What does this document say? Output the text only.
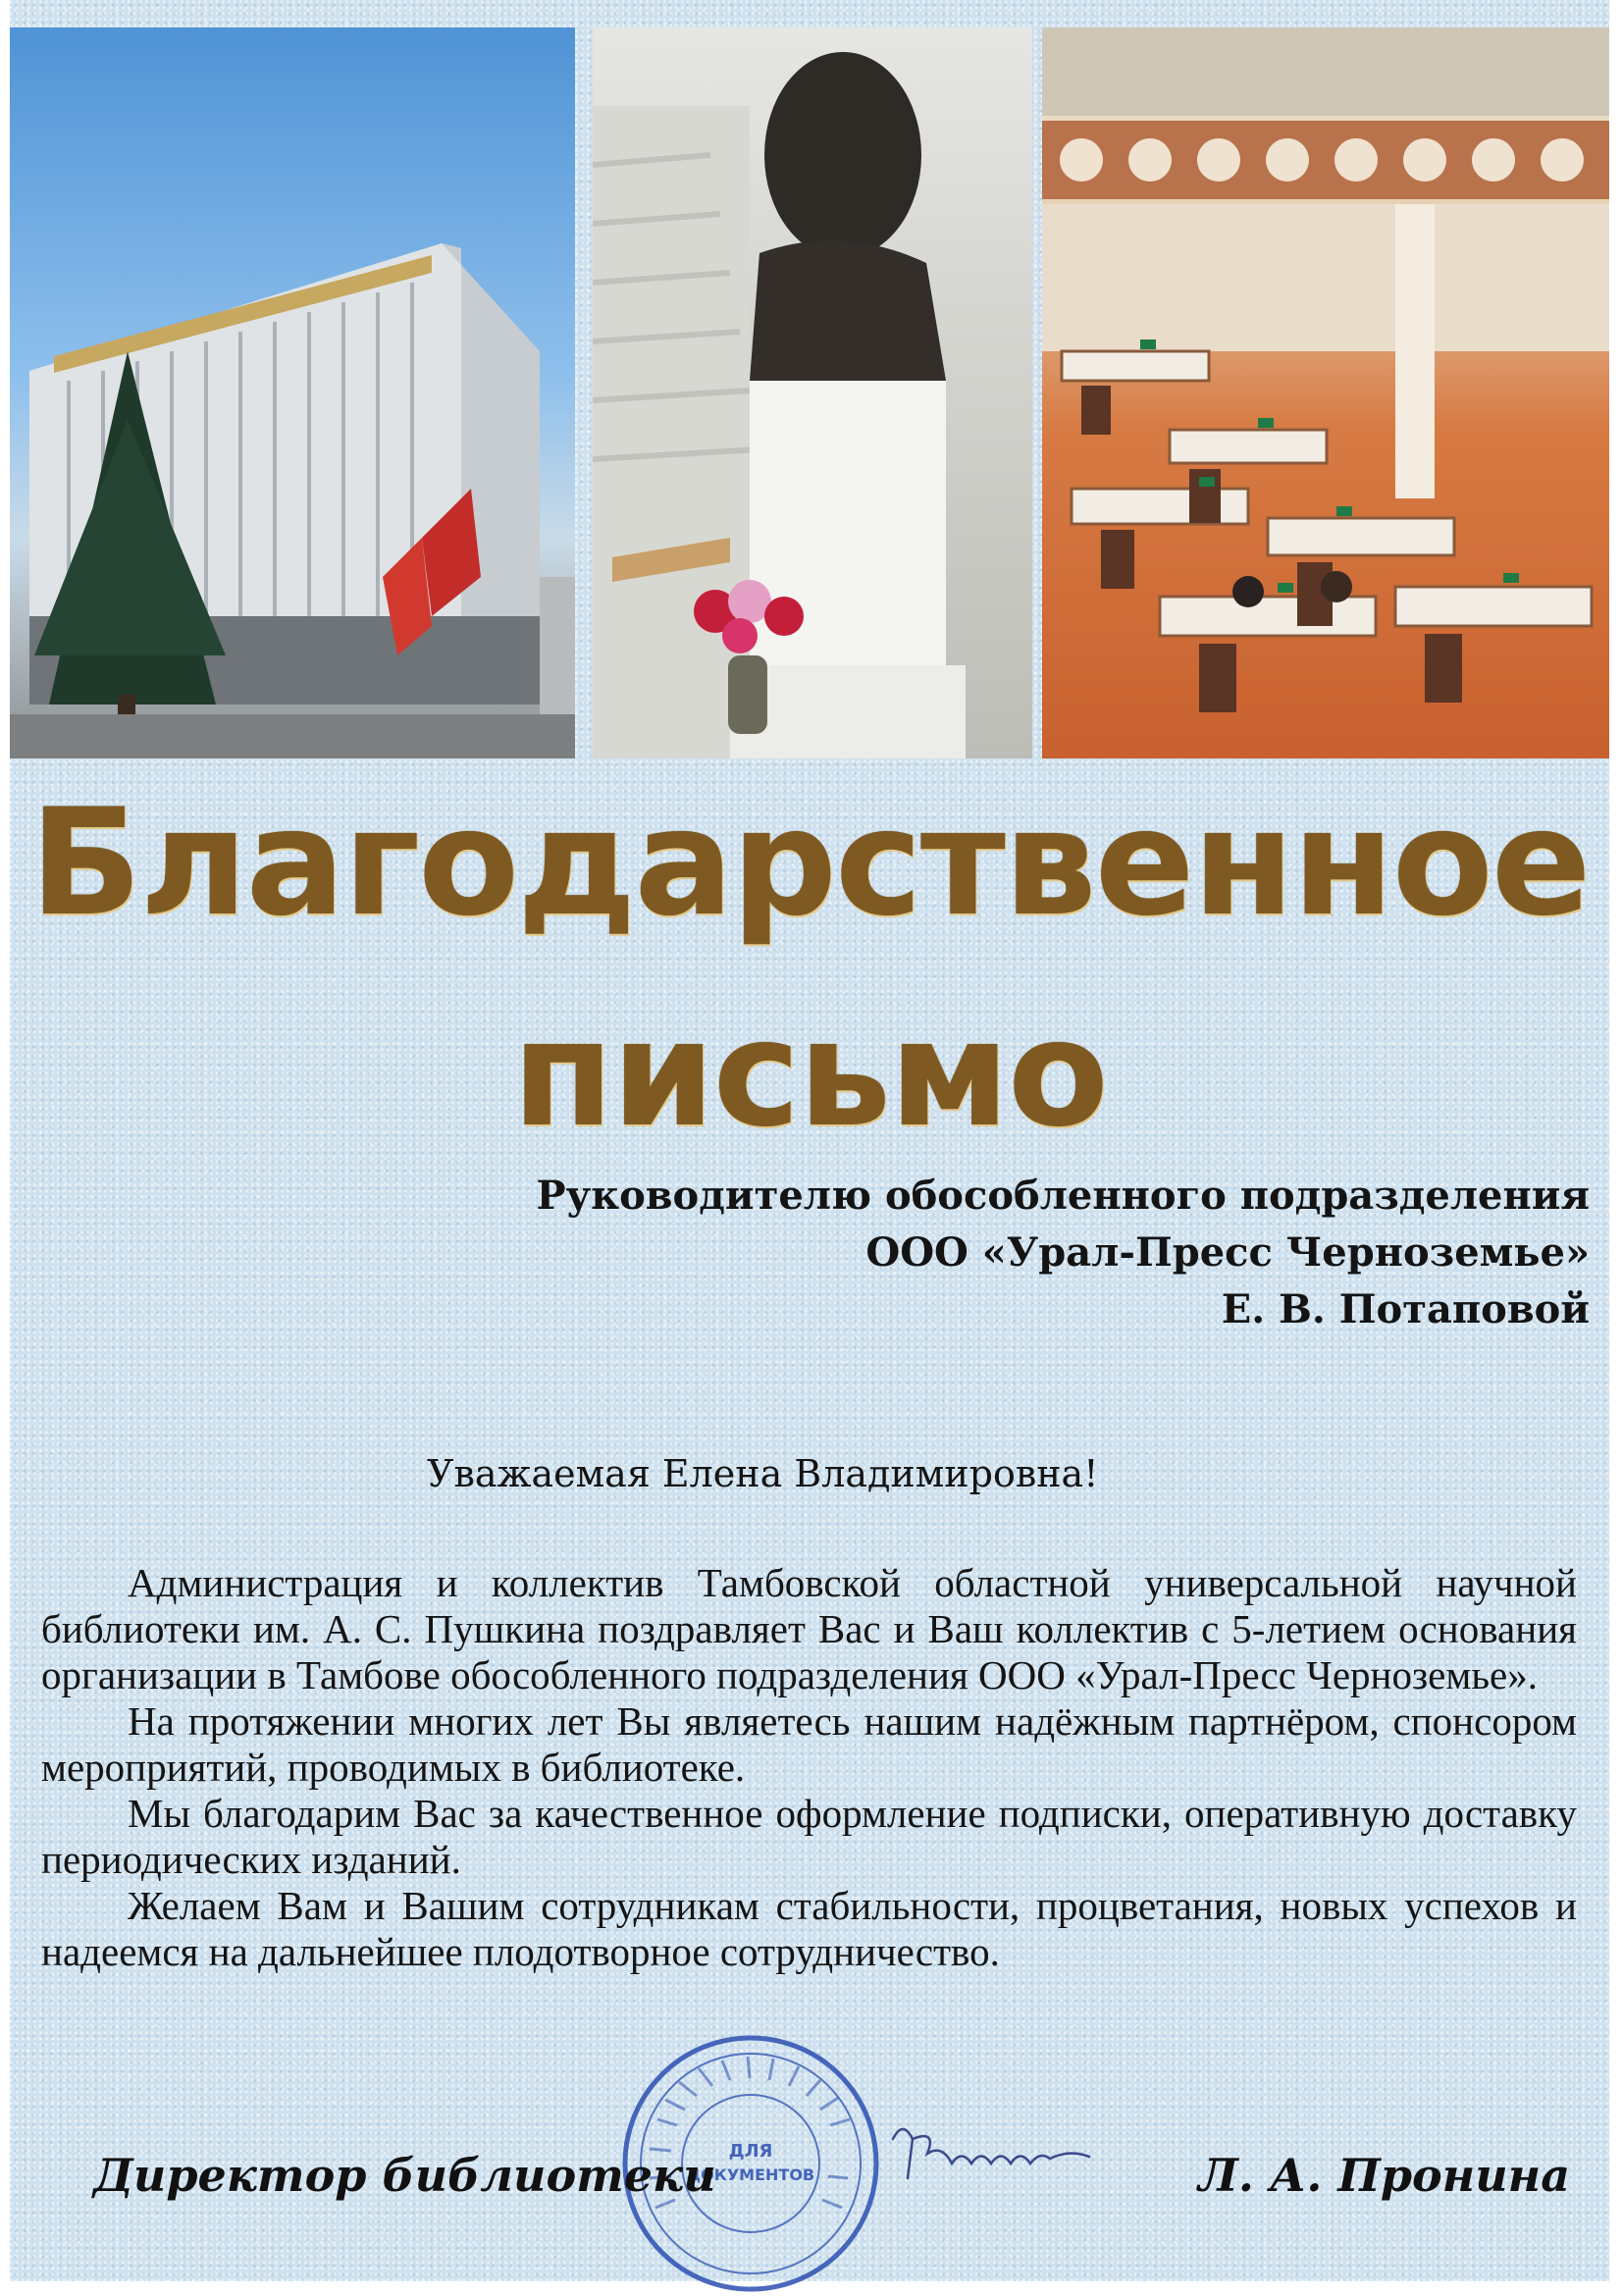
Благодарственное
письмо
Руководителю обособленного подразделения
ООО «Урал-Пресс Черноземье»
Е. В. Потаповой
Уважаемая Елена Владимировна!

Администрация и коллектив Тамбовской областной универсальной научной библиотеки им. А. С. Пушкина поздравляет Вас и Ваш коллектив с 5-летием основания организации в Тамбове обособленного подразделения ООО «Урал-Пресс Черноземье».

На протяжении многих лет Вы являетесь нашим надёжным партнёром, спонсором мероприятий, проводимых в библиотеке.

Мы благодарим Вас за качественное оформление подписки, оперативную доставку периодических изданий.

Желаем Вам и Вашим сотрудникам стабильности, процветания, новых успехов и надеемся на дальнейшее плодотворное сотрудничество.

ДЛЯ
ДОКУМЕНТОВ
Директор библиотеки	Л. А. Пронина
